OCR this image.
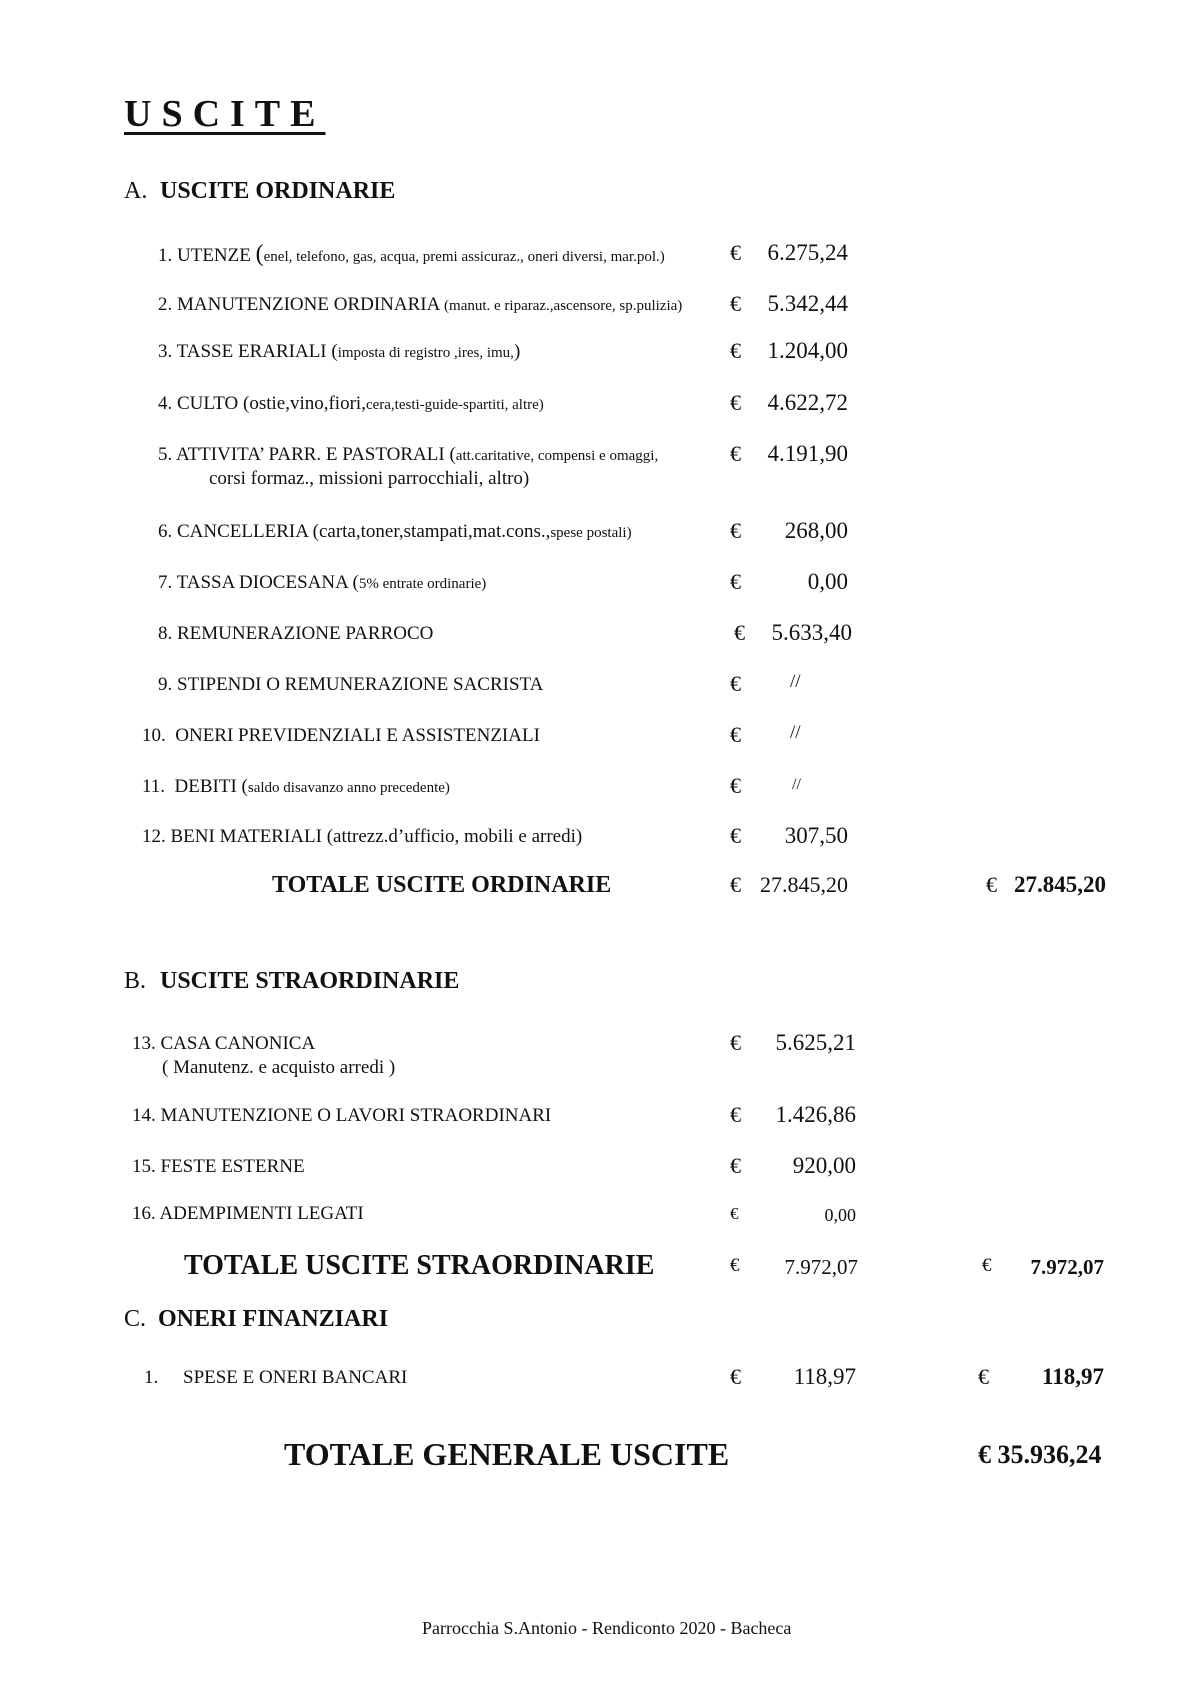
USCITE
A. USCITE ORDINARIE
1. UTENZE (enel, telefono, gas, acqua, premi assicuraz., oneri diversi, mar.pol.)	€ 6.275,24
2. MANUTENZIONE ORDINARIA (manut. e riparaz.,ascensore, sp.pulizia) € 5.342,44
3. TASSE ERARIALI (imposta di registro ,ires, imu,)	€ 1.204,00
4. CULTO (ostie,vino,fiori,cera,testi-guide-spartiti, altre)	€ 4.622,72
5. ATTIVITA’ PARR. E PASTORALI (att.caritative, compensi e omaggi,
corsi formaz., missioni parrocchiali, altro)
€ 4.191,90
6. CANCELLERIA (carta,toner,stampati,mat.cons.,spese postali)	€ 268,00
7. TASSA DIOCESANA (5% entrate ordinarie)	€	0,00
8. REMUNERAZIONE PARROCO	€ 5.633,40
9. STIPENDI O REMUNERAZIONE SACRISTA	€	//
10. ONERI PREVIDENZIALI E ASSISTENZIALI	€	//
11. DEBITI (saldo disavanzo anno precedente)	€	//
12. BENI MATERIALI (attrezz.d’ufficio, mobili e arredi)	€ 307,50
TOTALE USCITE ORDINARIE	€ 27.845,20	€ 27.845,20
B. USCITE STRAORDINARIE
13. CASA CANONICA
( Manutenz. e acquisto arredi )
€ 5.625,21
14. MANUTENZIONE O LAVORI STRAORDINARI	€ 1.426,86
15. FESTE ESTERNE	€ 920,00
16. ADEMPIMENTI LEGATI	€	0,00
TOTALE USCITE STRAORDINARIE	€ 7.972,07	€ 7.972,07
C. ONERI FINANZIARI
1. SPESE E ONERI BANCARI	€ 118,97	€ 118,97
TOTALE GENERALE USCITE	€ 35.936,24
Parrocchia S.Antonio - Rendiconto 2020 - Bacheca
